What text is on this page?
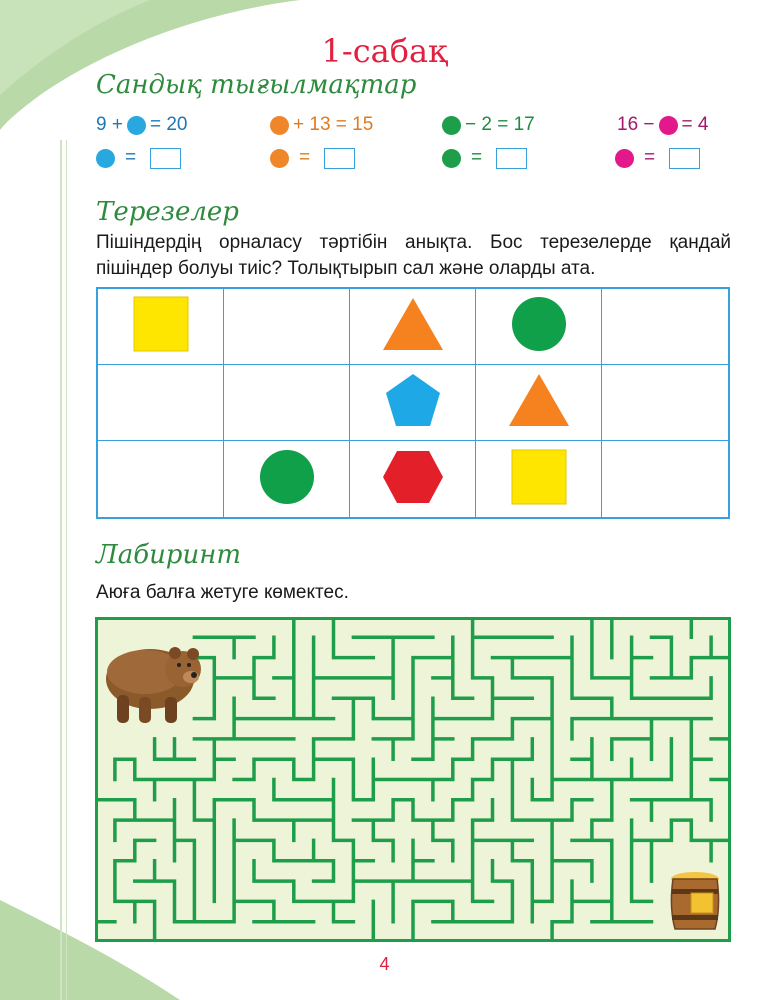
1-сабақ
Сандық тығылмақтар
9 + = 20	+ 13 = 15	− 2 = 17	16 − = 4
=	=	=	=
Терезелер
Пішіндердің орналасу тәртібін анықта. Бос терезелерде қандай
пішіндер болуы тиіс? Толықтырып сал және оларды ата.
Лабиринт
Аюға балға жетуге көмектес.
4
